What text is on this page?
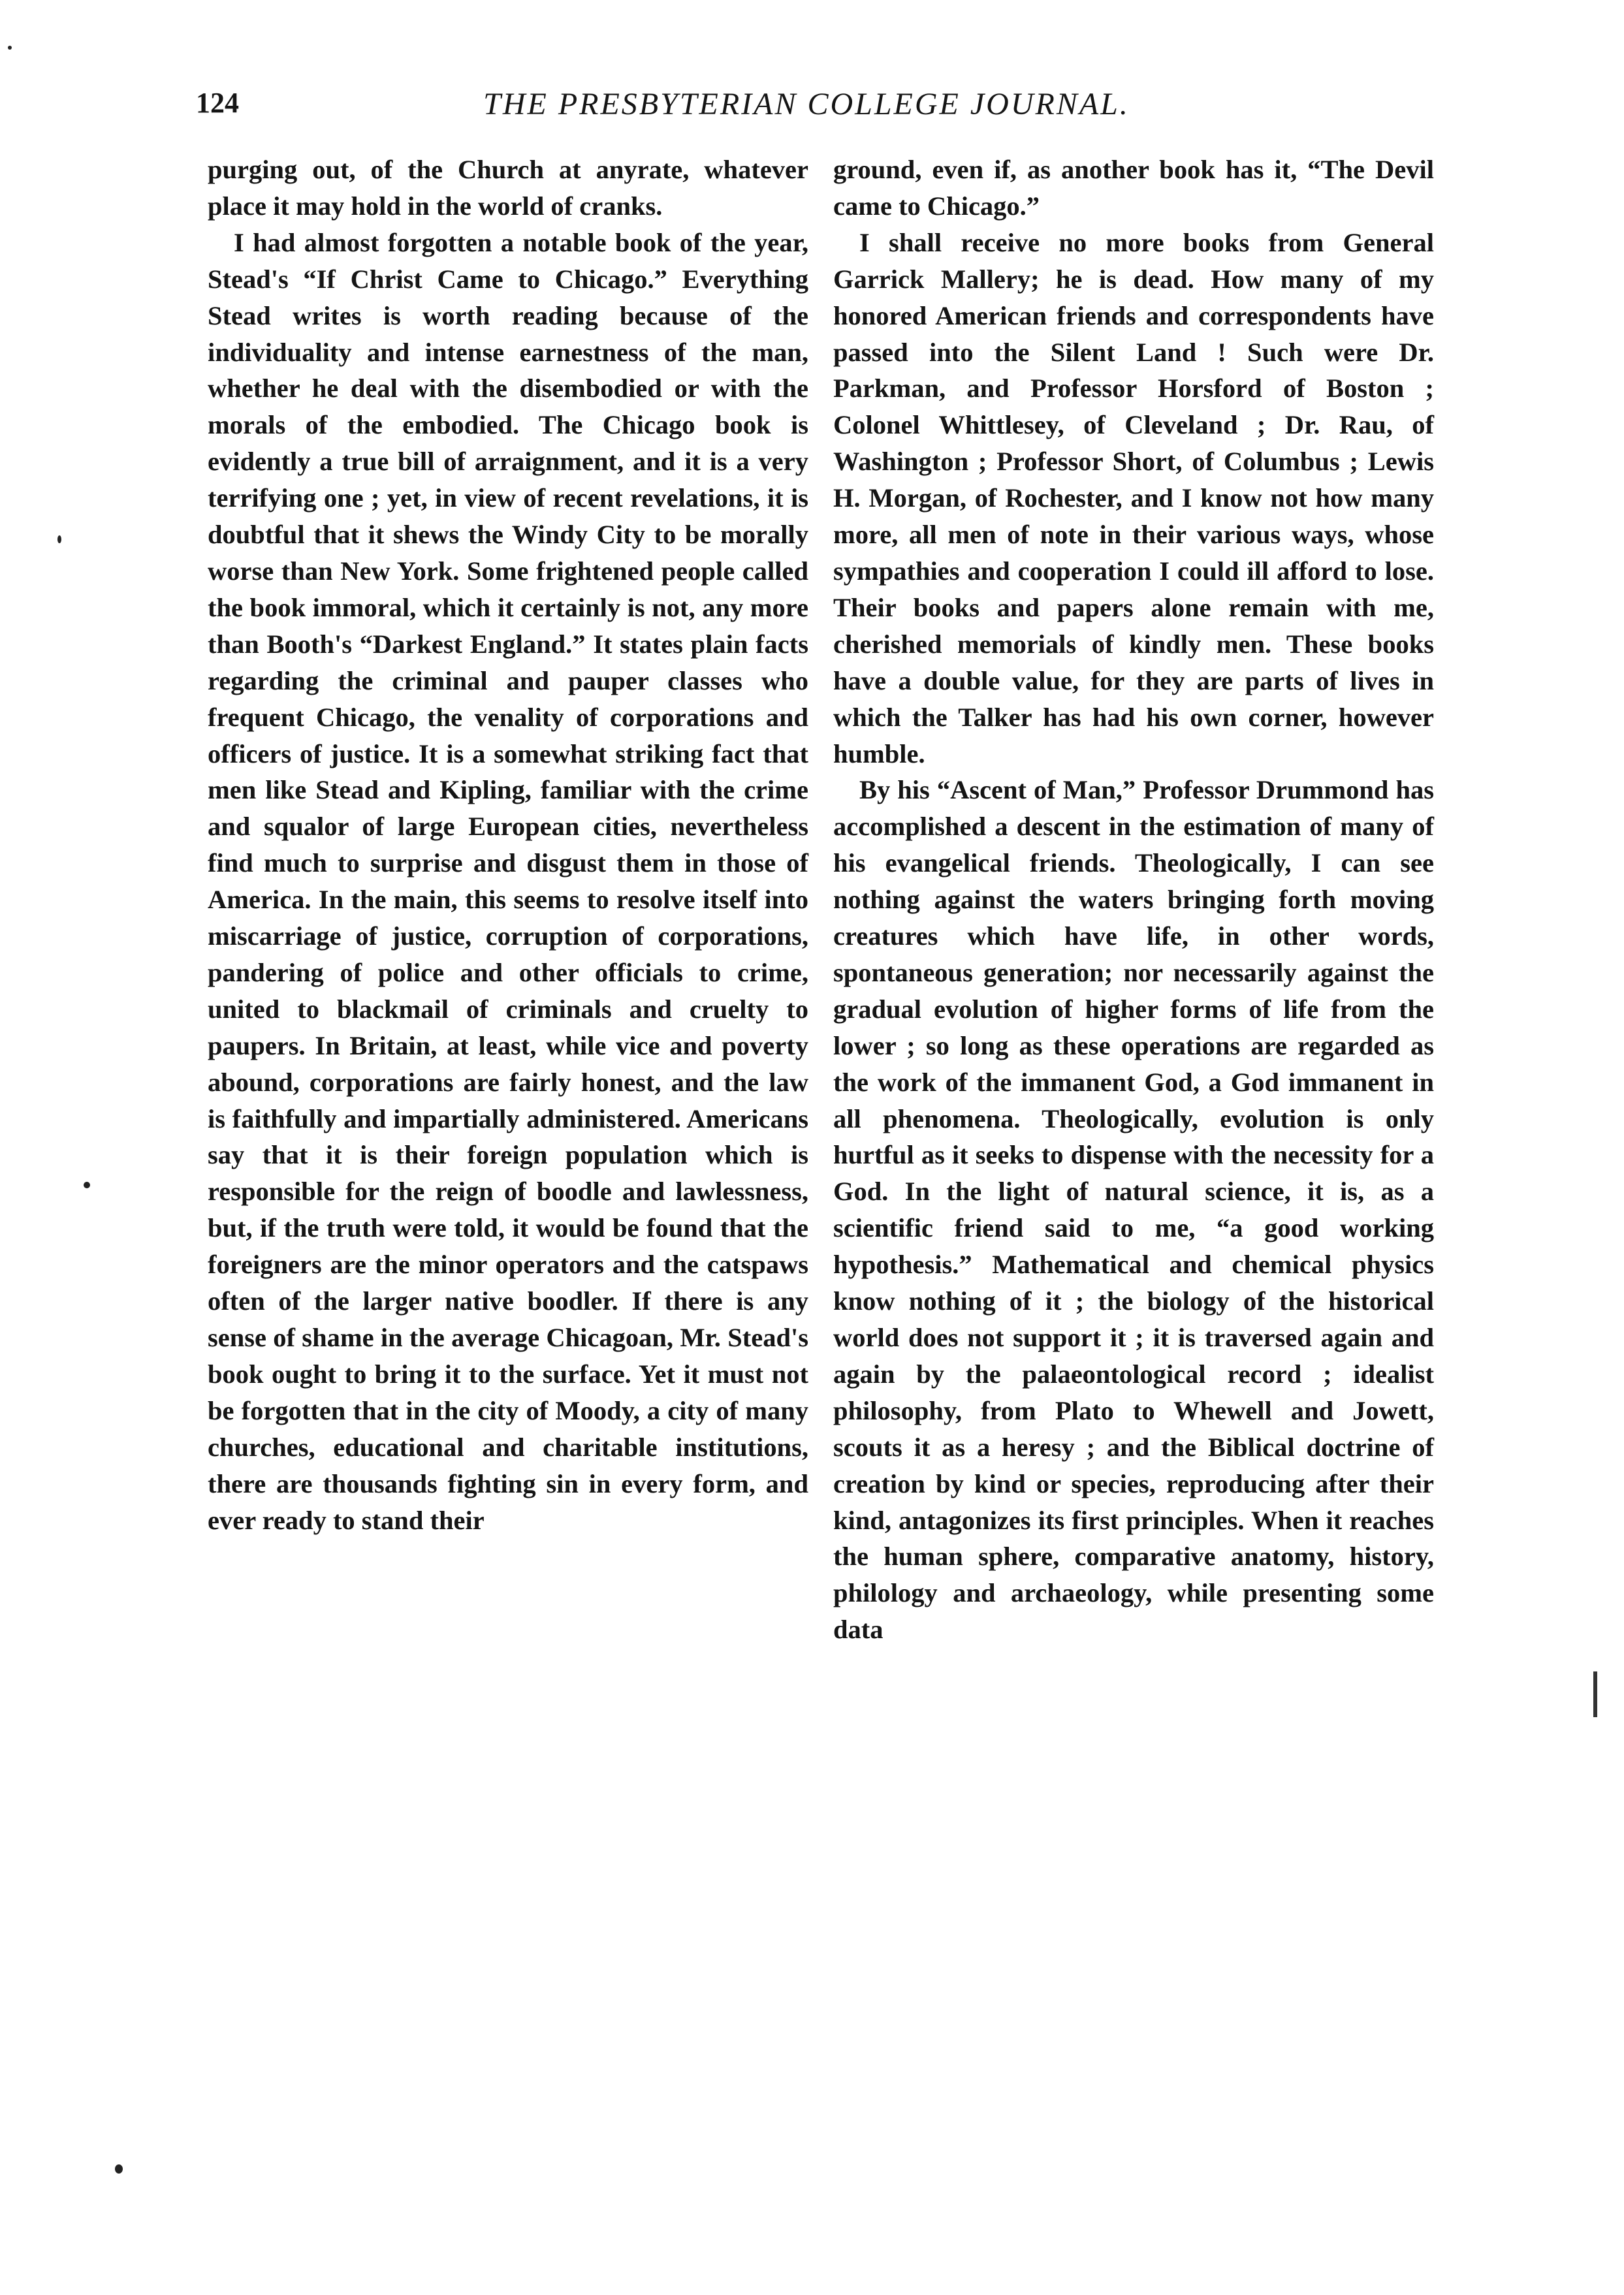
124	THE PRESBYTERIAN COLLEGE JOURNAL.

purging out, of the Church at anyrate, whatever place it may hold in the world of cranks.

I had almost forgotten a notable book of the year, Stead's “If Christ Came to Chicago.” Everything Stead writes is worth reading because of the individuality and intense earnestness of the man, whether he deal with the disembodied or with the morals of the embodied. The Chicago book is evidently a true bill of arraignment, and it is a very terrifying one ; yet, in view of recent revelations, it is doubtful that it shews the Windy City to be morally worse than New York. Some frightened people called the book immoral, which it certainly is not, any more than Booth's “Darkest England.” It states plain facts regarding the criminal and pauper classes who frequent Chicago, the venality of corporations and officers of justice. It is a somewhat striking fact that men like Stead and Kipling, familiar with the crime and squalor of large European cities, nevertheless find much to surprise and disgust them in those of America. In the main, this seems to resolve itself into miscarriage of justice, corruption of corporations, pandering of police and other officials to crime, united to blackmail of criminals and cruelty to paupers. In Britain, at least, while vice and poverty abound, corporations are fairly honest, and the law is faithfully and impartially administered. Americans say that it is their foreign population which is responsible for the reign of boodle and lawlessness, but, if the truth were told, it would be found that the foreigners are the minor operators and the catspaws often of the larger native boodler. If there is any sense of shame in the average Chicagoan, Mr. Stead's book ought to bring it to the surface. Yet it must not be forgotten that in the city of Moody, a city of many churches, educational and charitable institutions, there are thousands fighting sin in every form, and ever ready to stand their

ground, even if, as another book has it, “The Devil came to Chicago.”

I shall receive no more books from General Garrick Mallery; he is dead. How many of my honored American friends and correspondents have passed into the Silent Land ! Such were Dr. Parkman, and Professor Horsford of Boston ; Colonel Whittlesey, of Cleveland ; Dr. Rau, of Washington ; Professor Short, of Columbus ; Lewis H. Morgan, of Rochester, and I know not how many more, all men of note in their various ways, whose sympathies and cooperation I could ill afford to lose. Their books and papers alone remain with me, cherished memorials of kindly men. These books have a double value, for they are parts of lives in which the Talker has had his own corner, however humble.

By his “Ascent of Man,” Professor Drummond has accomplished a descent in the estimation of many of his evangelical friends. Theologically, I can see nothing against the waters bringing forth moving creatures which have life, in other words, spontaneous generation; nor necessarily against the gradual evolution of higher forms of life from the lower ; so long as these operations are regarded as the work of the immanent God, a God immanent in all phenomena. Theologically, evolution is only hurtful as it seeks to dispense with the necessity for a God. In the light of natural science, it is, as a scientific friend said to me, “a good working hypothesis.” Mathematical and chemical physics know nothing of it ; the biology of the historical world does not support it ; it is traversed again and again by the palaeontological record ; idealist philosophy, from Plato to Whewell and Jowett, scouts it as a heresy ; and the Biblical doctrine of creation by kind or species, reproducing after their kind, antagonizes its first principles. When it reaches the human sphere, comparative anatomy, history, philology and archaeology, while presenting some data
